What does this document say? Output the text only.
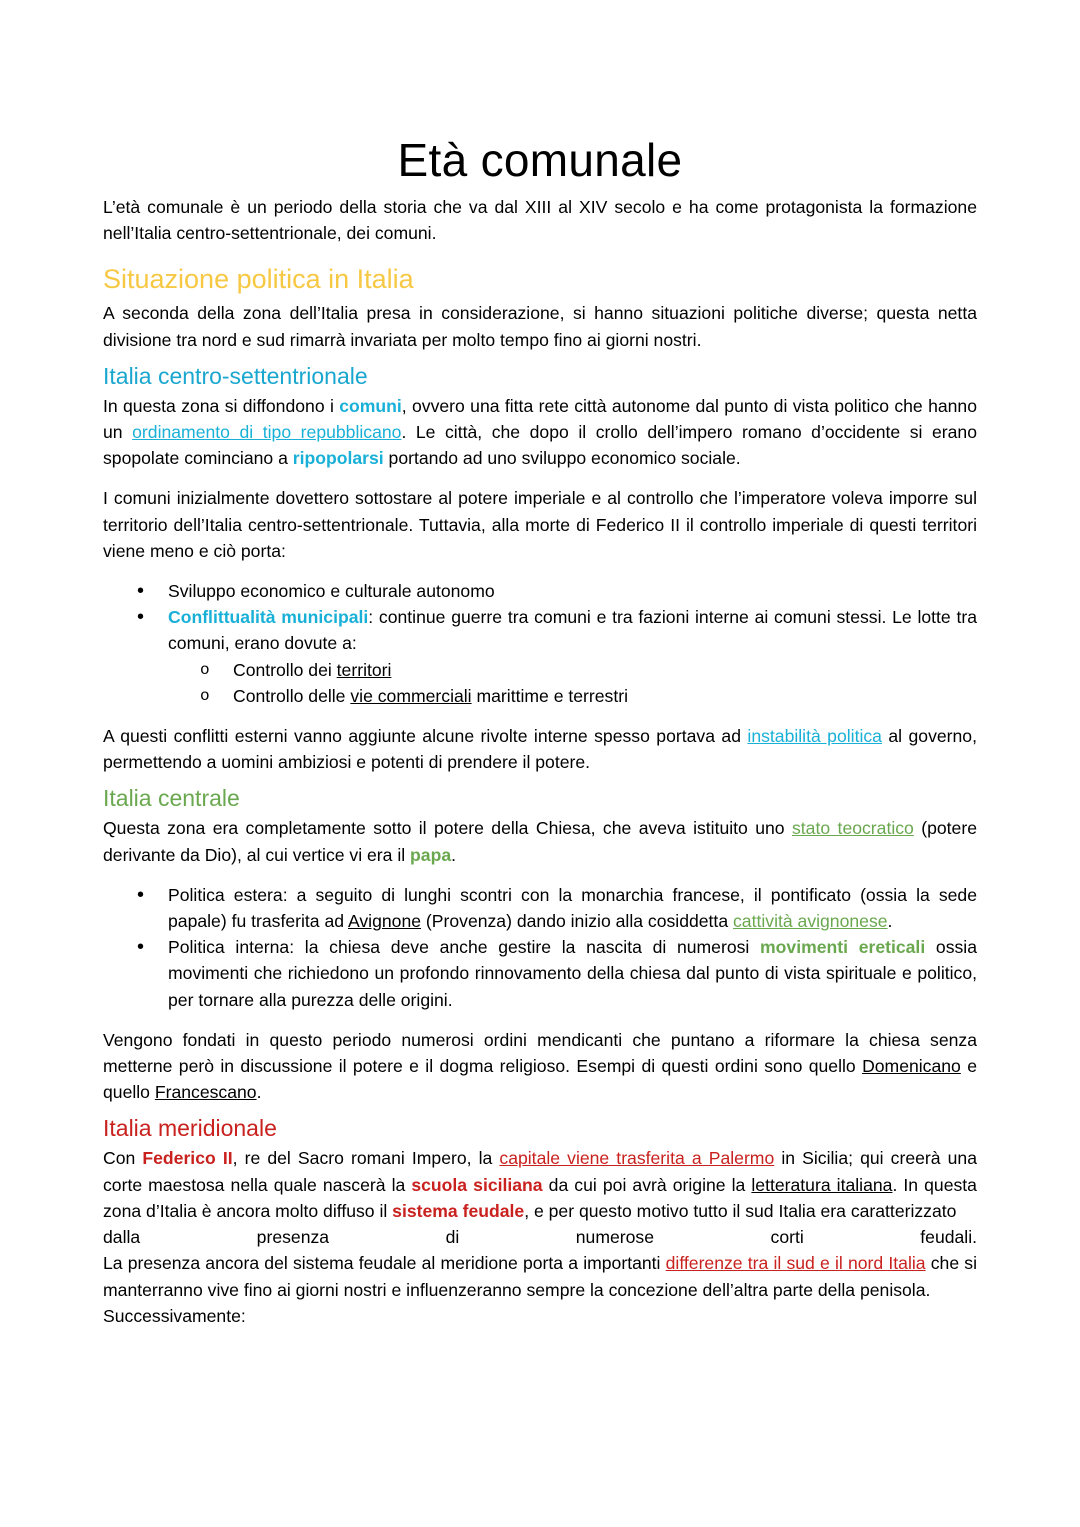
Età comunale

L’età comunale è un periodo della storia che va dal XIII al XIV secolo e ha come protagonista la formazione nell’Italia centro-settentrionale, dei comuni.

Situazione politica in Italia

A seconda della zona dell’Italia presa in considerazione, si hanno situazioni politiche diverse; questa netta divisione tra nord e sud rimarrà invariata per molto tempo fino ai giorni nostri.

Italia centro-settentrionale

In questa zona si diffondono i comuni, ovvero una fitta rete città autonome dal punto di vista politico che hanno un ordinamento di tipo repubblicano. Le città, che dopo il crollo dell’impero romano d’occidente si erano spopolate cominciano a ripopolarsi portando ad uno sviluppo economico sociale.

I comuni inizialmente dovettero sottostare al potere imperiale e al controllo che l’imperatore voleva imporre sul territorio dell’Italia centro-settentrionale. Tuttavia, alla morte di Federico II il controllo imperiale di questi territori viene meno e ciò porta:

• Sviluppo economico e culturale autonomo
• Conflittualità municipali: continue guerre tra comuni e tra fazioni interne ai comuni stessi. Le lotte tra comuni, erano dovute a:
o Controllo dei territori
o Controllo delle vie commerciali marittime e terrestri

A questi conflitti esterni vanno aggiunte alcune rivolte interne spesso portava ad instabilità politica al governo, permettendo a uomini ambiziosi e potenti di prendere il potere.

Italia centrale

Questa zona era completamente sotto il potere della Chiesa, che aveva istituito uno stato teocratico (potere derivante da Dio), al cui vertice vi era il papa.

• Politica estera: a seguito di lunghi scontri con la monarchia francese, il pontificato (ossia la sede papale) fu trasferita ad Avignone (Provenza) dando inizio alla cosiddetta cattività avignonese.
• Politica interna: la chiesa deve anche gestire la nascita di numerosi movimenti ereticali ossia movimenti che richiedono un profondo rinnovamento della chiesa dal punto di vista spirituale e politico, per tornare alla purezza delle origini.

Vengono fondati in questo periodo numerosi ordini mendicanti che puntano a riformare la chiesa senza metterne però in discussione il potere e il dogma religioso. Esempi di questi ordini sono quello Domenicano e quello Francescano.

Italia meridionale

Con Federico II, re del Sacro romani Impero, la capitale viene trasferita a Palermo in Sicilia; qui creerà una corte maestosa nella quale nascerà la scuola siciliana da cui poi avrà origine la letteratura italiana. In questa zona d’Italia è ancora molto diffuso il sistema feudale, e per questo motivo tutto il sud Italia era caratterizzato

dalla presenza di numerose corti feudali.

La presenza ancora del sistema feudale al meridione porta a importanti differenze tra il sud e il nord Italia che si manterranno vive fino ai giorni nostri e influenzeranno sempre la concezione dell’altra parte della penisola.

Successivamente:
